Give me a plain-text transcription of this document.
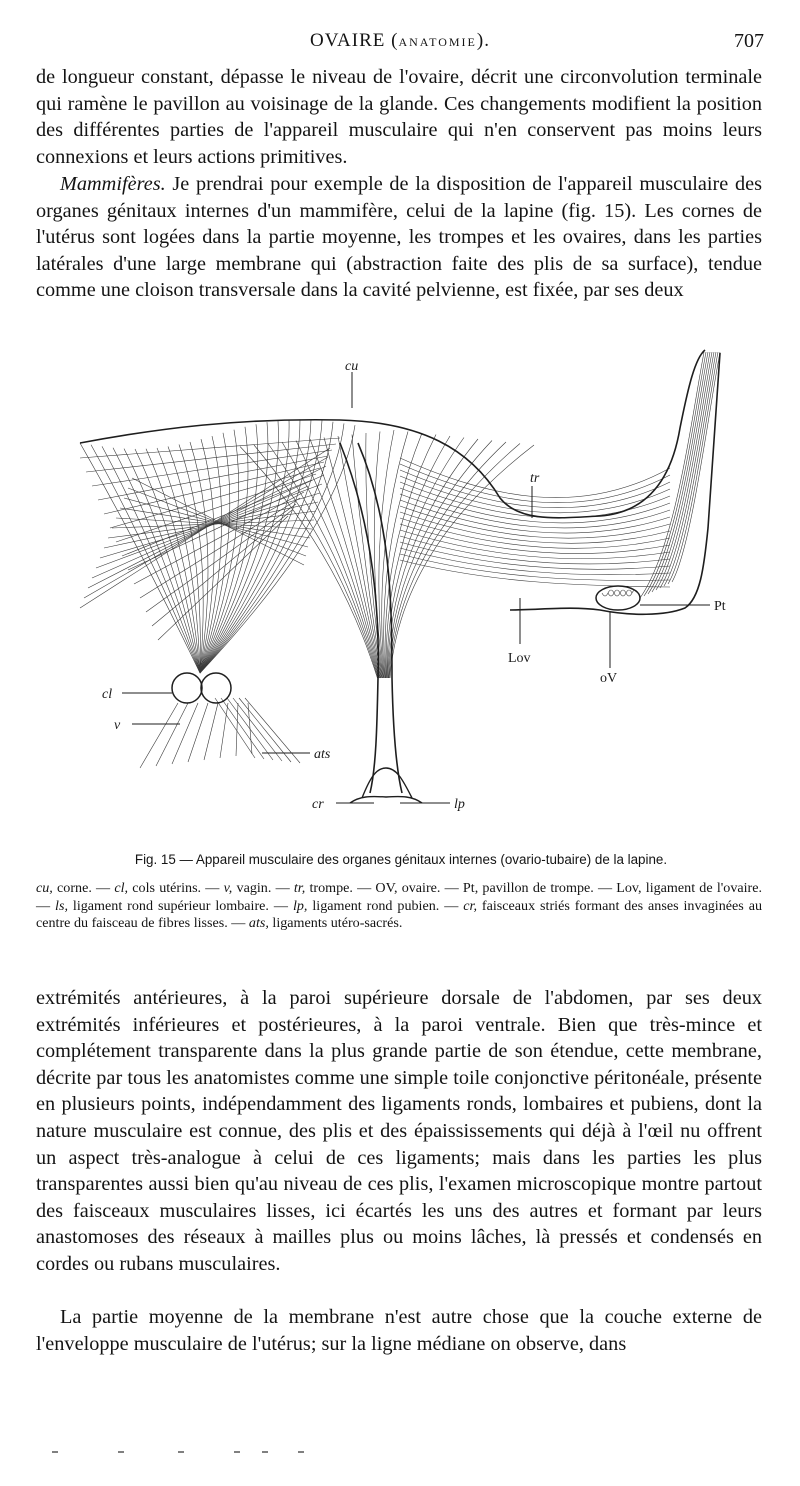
OVAIRE (ANATOMIE).	707

de longueur constant, dépasse le niveau de l'ovaire, décrit une circonvolution terminale qui ramène le pavillon au voisinage de la glande. Ces changements modifient la position des différentes parties de l'appareil musculaire qui n'en conservent pas moins leurs connexions et leurs actions primitives.

Mammifères. Je prendrai pour exemple de la disposition de l'appareil musculaire des organes génitaux internes d'un mammifère, celui de la lapine (fig. 15). Les cornes de l'utérus sont logées dans la partie moyenne, les trompes et les ovaires, dans les parties latérales d'une large membrane qui (abstraction faite des plis de sa surface), tendue comme une cloison transversale dans la cavité pelvienne, est fixée, par ses deux

cu
tr
Pt
Lov
oV
cl
v
ats
cr	lp
Fig. 15 — Appareil musculaire des organes génitaux internes (ovario-tubaire) de la lapine.

cu, corne. — cl, cols utérins. — v, vagin. — tr, trompe. — OV, ovaire. — Pt, pavillon de trompe. — Lov, ligament de l'ovaire. — ls, ligament rond supérieur lombaire. — lp, ligament rond pubien. — cr, faisceaux striés formant des anses invaginées au centre du faisceau de fibres lisses. — ats, ligaments utéro-sacrés.

extrémités antérieures, à la paroi supérieure dorsale de l'abdomen, par ses deux extrémités inférieures et postérieures, à la paroi ventrale. Bien que très-mince et complétement transparente dans la plus grande partie de son étendue, cette membrane, décrite par tous les anatomistes comme une simple toile conjonctive péritonéale, présente en plusieurs points, indépendamment des ligaments ronds, lombaires et pubiens, dont la nature musculaire est connue, des plis et des épaississements qui déjà à l'œil nu offrent un aspect très-analogue à celui de ces ligaments; mais dans les parties les plus transparentes aussi bien qu'au niveau de ces plis, l'examen microscopique montre partout des faisceaux musculaires lisses, ici écartés les uns des autres et formant par leurs anastomoses des réseaux à mailles plus ou moins lâches, là pressés et condensés en cordes ou rubans musculaires.

La partie moyenne de la membrane n'est autre chose que la couche externe de l'enveloppe musculaire de l'utérus; sur la ligne médiane on observe, dans
